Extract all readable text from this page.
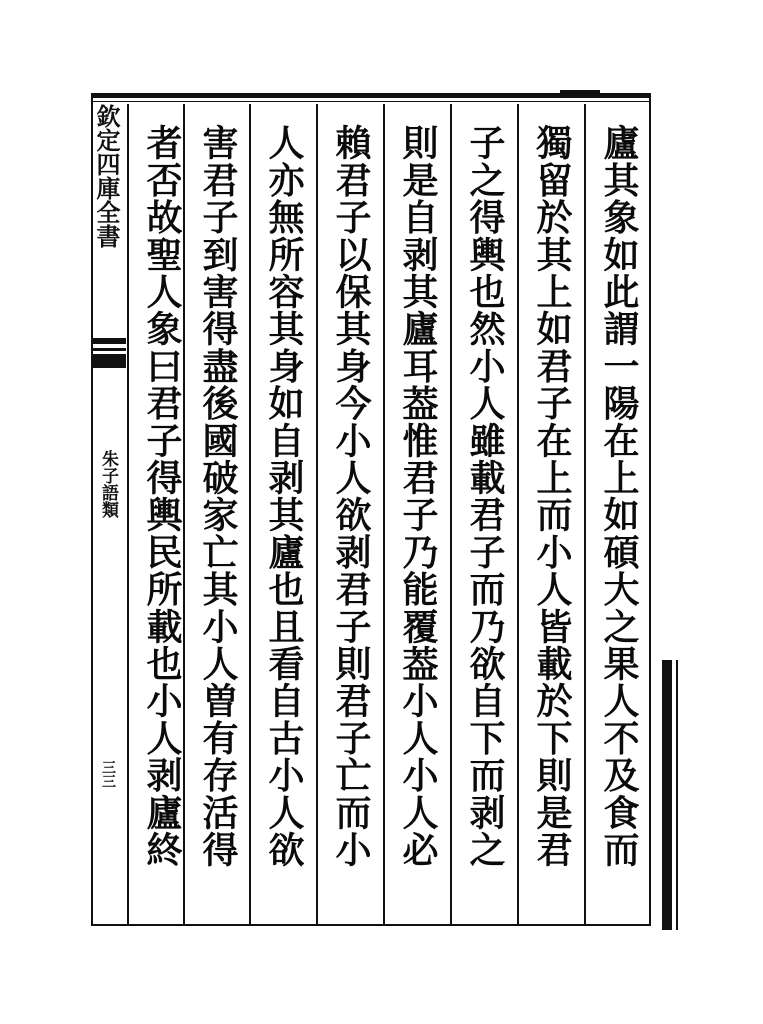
欽定四庫全書
朱子語類
三三	廬其象如此謂一陽在上如碩大之果人不及食而
獨留於其上如君子在上而小人皆載於下則是君
子之得輿也然小人雖載君子而乃欲自下而剥之
則是自剥其廬耳葢惟君子乃能覆葢小人小人必
賴君子以保其身今小人欲剥君子則君子亡而小
人亦無所容其身如自剥其廬也且看自古小人欲
害君子到害得盡後國破家亡其小人曽有存活得
者否故聖人象曰君子得輿民所載也小人剥廬終
